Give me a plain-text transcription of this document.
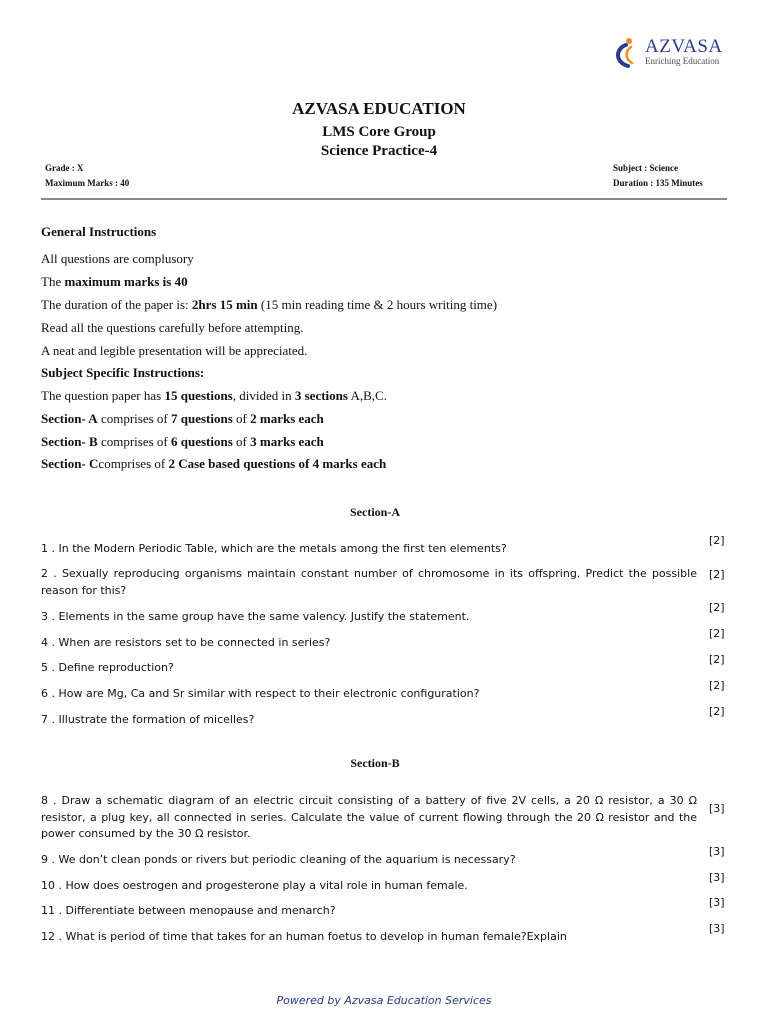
AZVASA
Enriching Education
AZVASA EDUCATION
LMS Core Group
Science Practice-4
Grade : X
Maximum Marks : 40
Subject : Science
Duration : 135 Minutes
General Instructions
All questions are complusory
The maximum marks is 40
The duration of the paper is: 2hrs 15 min (15 min reading time & 2 hours writing time)
Read all the questions carefully before attempting.
A neat and legible presentation will be appreciated.
Subject Specific Instructions:
The question paper has 15 questions, divided in 3 sections A,B,C.
Section- A comprises of 7 questions of 2 marks each
Section- B comprises of 6 questions of 3 marks each
Section- Ccomprises of 2 Case based questions of 4 marks each
Section-A
1 . In the Modern Periodic Table, which are the metals among the first ten elements?
[2]
2 . Sexually reproducing organisms maintain constant number of chromosome in its offspring. Predict the possible reason for this?
[2]
3 . Elements in the same group have the same valency. Justify the statement.
[2]
4 . When are resistors set to be connected in series?
[2]
5 . Define reproduction?
[2]
6 . How are Mg, Ca and Sr similar with respect to their electronic configuration?
[2]
7 . Illustrate the formation of micelles?
[2]
Section-B
8 . Draw a schematic diagram of an electric circuit consisting of a battery of five 2V cells, a 20 Ω resistor, a 30 Ω resistor, a plug key, all connected in series. Calculate the value of current flowing through the 20 Ω resistor and the power consumed by the 30 Ω resistor.
[3]
9 . We don’t clean ponds or rivers but periodic cleaning of the aquarium is necessary?
[3]
10 . How does oestrogen and progesterone play a vital role in human female.
[3]
11 . Differentiate between menopause and menarch?
[3]
12 . What is period of time that takes for an human foetus to develop in human female?Explain
[3]
Powered by Azvasa Education Services
